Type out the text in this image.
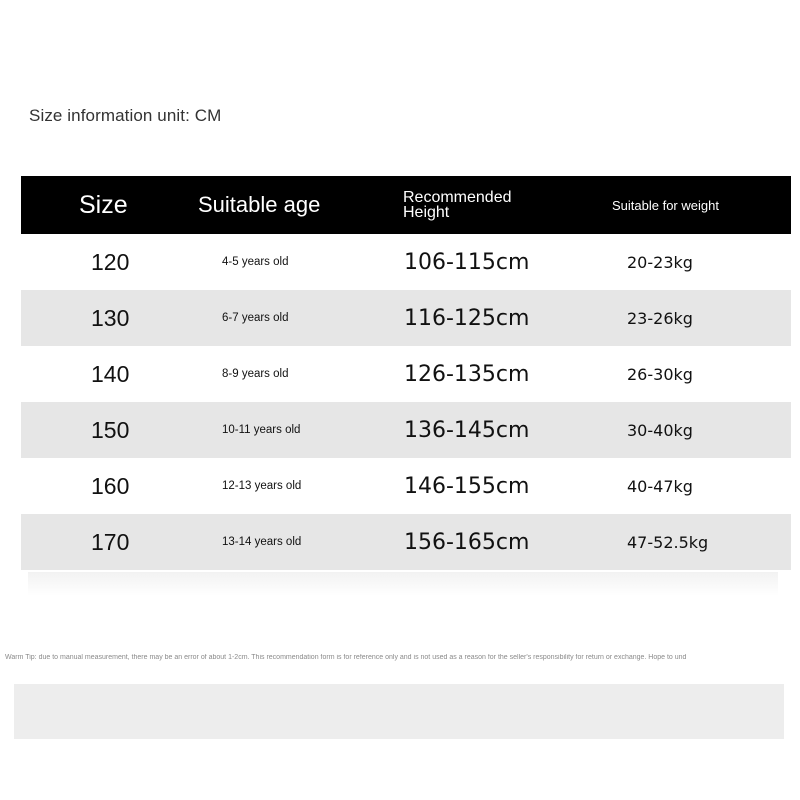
Size information unit: CM
Size	Suitable age	Recommended Height	Suitable for weight
120	4-5 years old	106-115cm	20-23kg
130	6-7 years old	116-125cm	23-26kg
140	8-9 years old	126-135cm	26-30kg
150	10-11 years old	136-145cm	30-40kg
160	12-13 years old	146-155cm	40-47kg
170	13-14 years old	156-165cm	47-52.5kg
Warm Tip: due to manual measurement, there may be an error of about 1-2cm. This recommendation form is for reference only and is not used as a reason for the seller's responsibility for return or exchange. Hope to und
